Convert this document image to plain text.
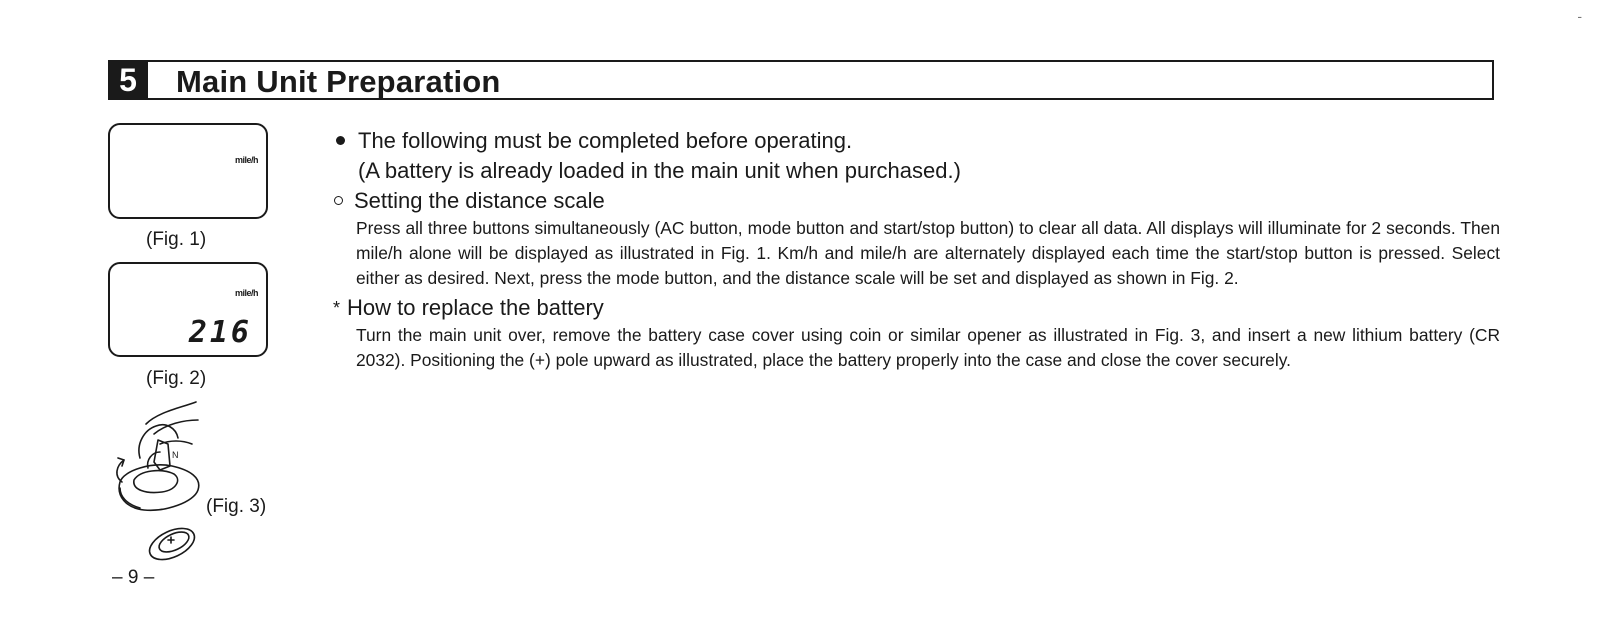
-
5	Main Unit Preparation
mile/h
(Fig. 1)
mile/h
216
(Fig. 2)
N
(Fig. 3)
– 9 –
The following must be completed before operating.
(A battery is already loaded in the main unit when purchased.)
Setting the distance scale
Press all three buttons simultaneously (AC button, mode button and start/stop button) to clear all data. All displays will illuminate for 2 seconds. Then mile/h alone will be displayed as illustrated in Fig. 1. Km/h and mile/h are alternately displayed each time the start/stop button is pressed. Select either as desired. Next, press the mode button, and the distance scale will be set and displayed as shown in Fig. 2.
* How to replace the battery
Turn the main unit over, remove the battery case cover using coin or similar opener as illustrated in Fig. 3, and insert a new lithium battery (CR 2032). Positioning the (+) pole upward as illustrated, place the battery properly into the case and close the cover securely.
